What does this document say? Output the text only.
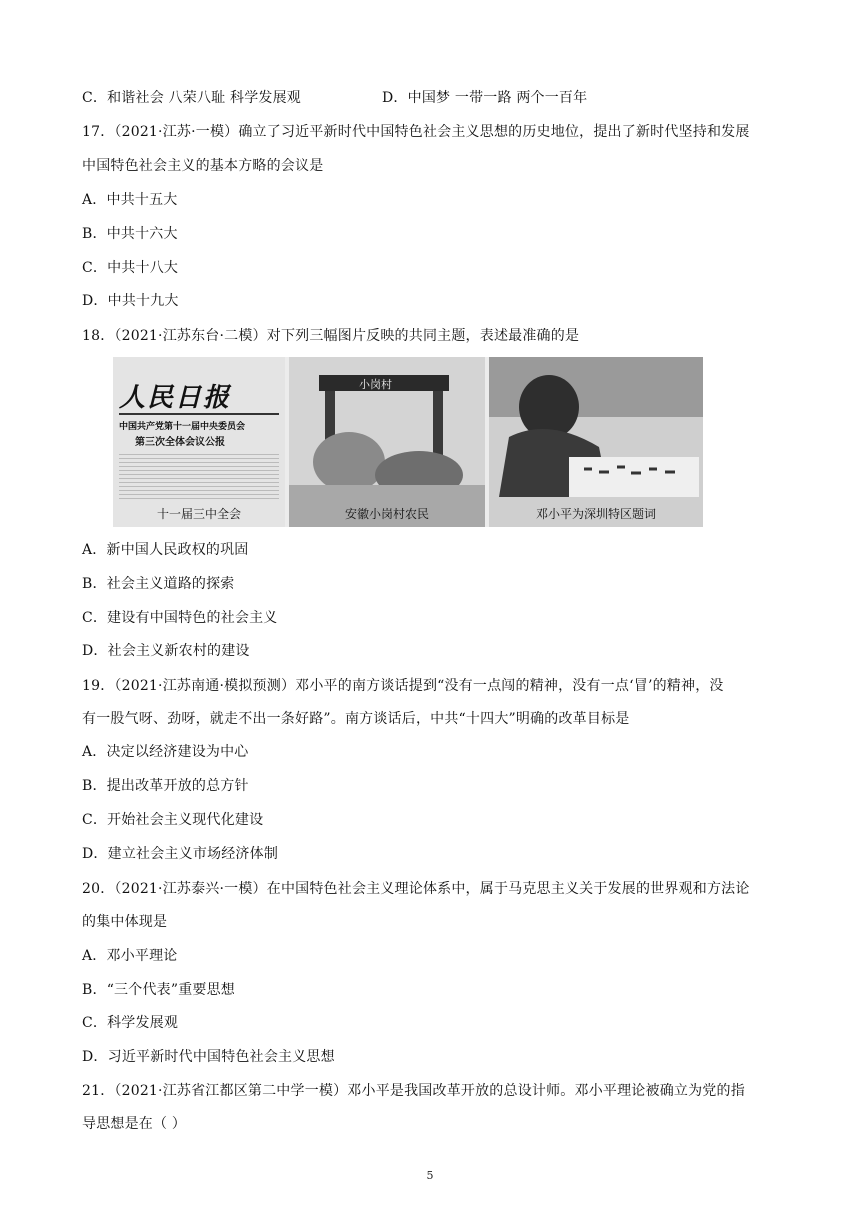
C．和谐社会 八荣八耻 科学发展观	D．中国梦 一带一路 两个一百年
17．（2021·江苏·一模）确立了习近平新时代中国特色社会主义思想的历史地位，提出了新时代坚持和发展
中国特色社会主义的基本方略的会议是
A．中共十五大
B．中共十六大
C．中共十八大
D．中共十九大
18．（2021·江苏东台·二模）对下列三幅图片反映的共同主题，表述最准确的是
人民日报
中国共产党第十一届中央委员会
第三次全体会议公报
十一届三中全会
小岗村
安徽小岗村农民	邓小平为深圳特区题词
A．新中国人民政权的巩固
B．社会主义道路的探索
C．建设有中国特色的社会主义
D．社会主义新农村的建设
19．（2021·江苏南通·模拟预测）邓小平的南方谈话提到“没有一点闯的精神，没有一点‘冒’的精神，没
有一股气呀、劲呀，就走不出一条好路”。南方谈话后，中共“十四大”明确的改革目标是
A．决定以经济建设为中心
B．提出改革开放的总方针
C．开始社会主义现代化建设
D．建立社会主义市场经济体制
20．（2021·江苏泰兴·一模）在中国特色社会主义理论体系中，属于马克思主义关于发展的世界观和方法论
的集中体现是
A．邓小平理论
B．“三个代表”重要思想
C．科学发展观
D．习近平新时代中国特色社会主义思想
21．（2021·江苏省江都区第二中学一模）邓小平是我国改革开放的总设计师。邓小平理论被确立为党的指
导思想是在（ ）
5
